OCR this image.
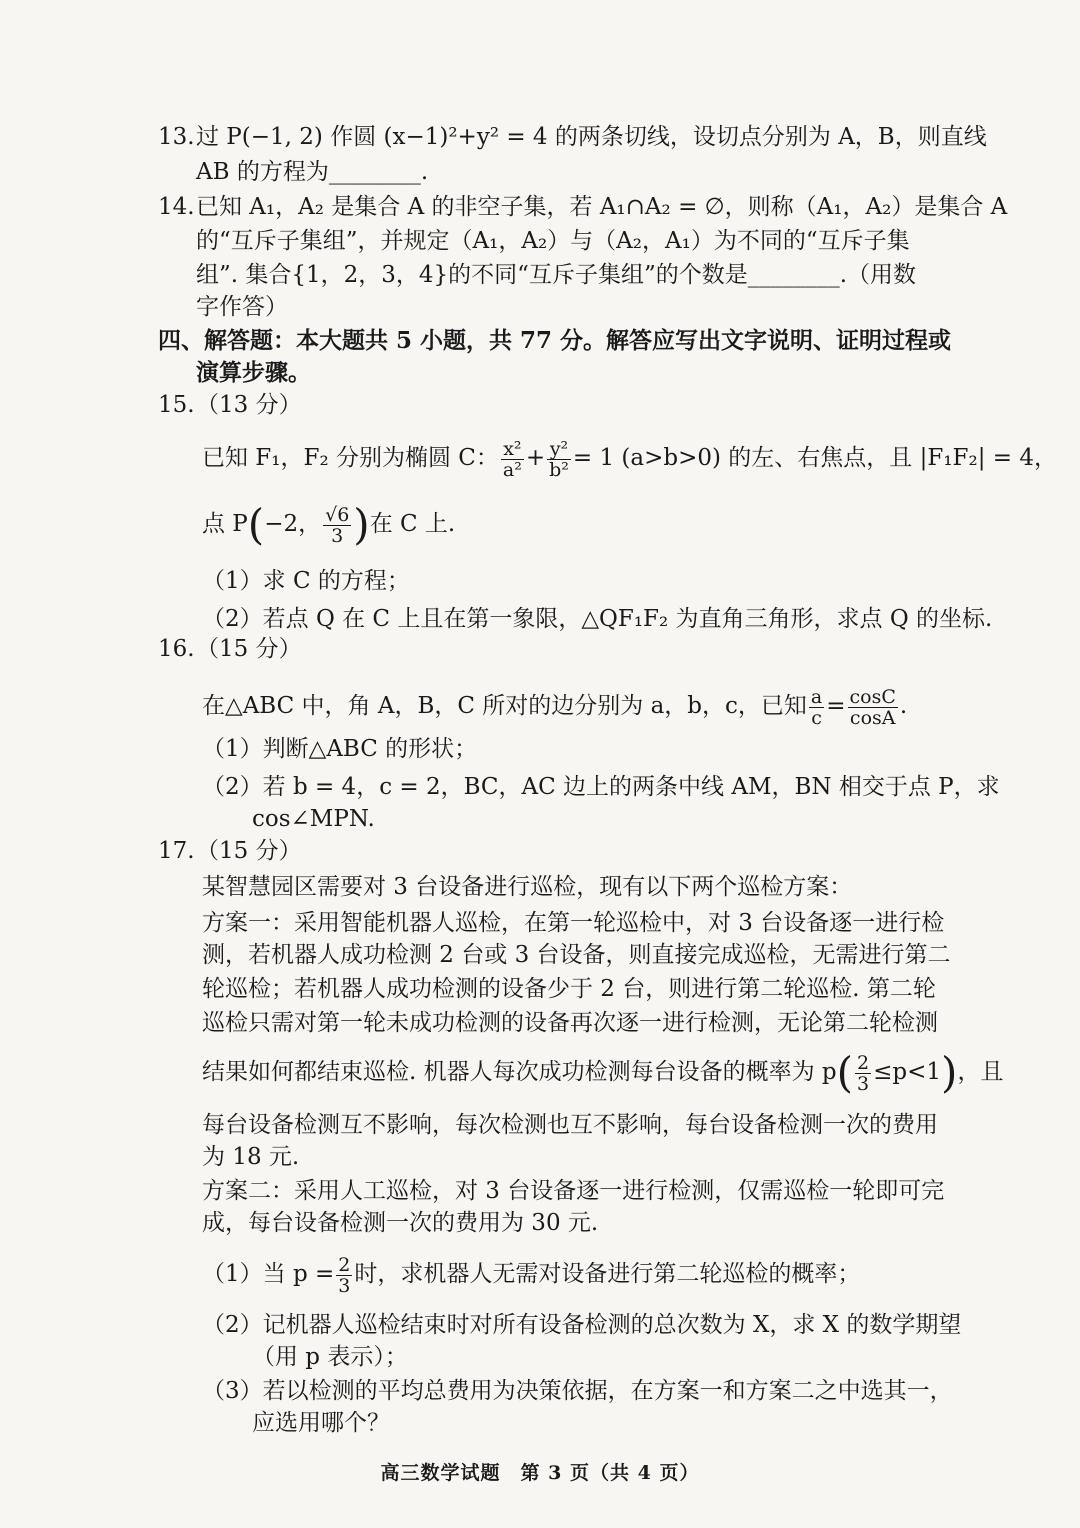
13. 过 P(−1, 2) 作圆 (x−1)²+y² = 4 的两条切线，设切点分别为 A，B，则直线
AB 的方程为________.
14. 已知 A₁，A₂ 是集合 A 的非空子集，若 A₁∩A₂ = ∅，则称（A₁，A₂）是集合 A
的“互斥子集组”，并规定（A₁，A₂）与（A₂，A₁）为不同的“互斥子集
组”. 集合{1，2，3，4}的不同“互斥子集组”的个数是________.（用数
字作答）
四、解答题：本大题共 5 小题，共 77 分。解答应写出文字说明、证明过程或
演算步骤。
15. （13 分）
已知 F₁，F₂ 分别为椭圆 C： $\frac{\text{x²}}{\text{a²}} + \frac{\text{y²}}{\text{b²}} = 1$ (a>b>0) 的左、右焦点，且 |F₁F₂| = 4，
点 P(−2， $\frac{√6}{3}$ )在 C 上.
（1）求 C 的方程；
（2）若点 Q 在 C 上且在第一象限，△QF₁F₂ 为直角三角形，求点 Q 的坐标.
16. （15 分）
在△ABC 中，角 A，B，C 所对的边分别为 a，b，c，已知 $\frac{a}{c} = \frac{\cos C}{\cos A}$ .
（1）判断△ABC 的形状；
（2）若 b = 4，c = 2，BC，AC 边上的两条中线 AM，BN 相交于点 P，求
cos∠MPN.
17. （15 分）
某智慧园区需要对 3 台设备进行巡检，现有以下两个巡检方案：
方案一：采用智能机器人巡检，在第一轮巡检中，对 3 台设备逐一进行检
测，若机器人成功检测 2 台或 3 台设备，则直接完成巡检，无需进行第二
轮巡检；若机器人成功检测的设备少于 2 台，则进行第二轮巡检. 第二轮
巡检只需对第一轮未成功检测的设备再次逐一进行检测，无论第二轮检测
结果如何都结束巡检. 机器人每次成功检测每台设备的概率为 $p( \frac{2}{3} \le p<1)$，且
每台设备检测互不影响，每次检测也互不影响，每台设备检测一次的费用
为 18 元.
方案二：采用人工巡检，对 3 台设备逐一进行检测，仅需巡检一轮即可完
成，每台设备检测一次的费用为 30 元.
（1）当 $p = \frac{2}{3}$ 时，求机器人无需对设备进行第二轮巡检的概率；
（2）记机器人巡检结束时对所有设备检测的总次数为 X，求 X 的数学期望
（用 p 表示）；
（3）若以检测的平均总费用为决策依据，在方案一和方案二之中选其一，
应选用哪个？
高三数学试题　第 3 页（共 4 页）
